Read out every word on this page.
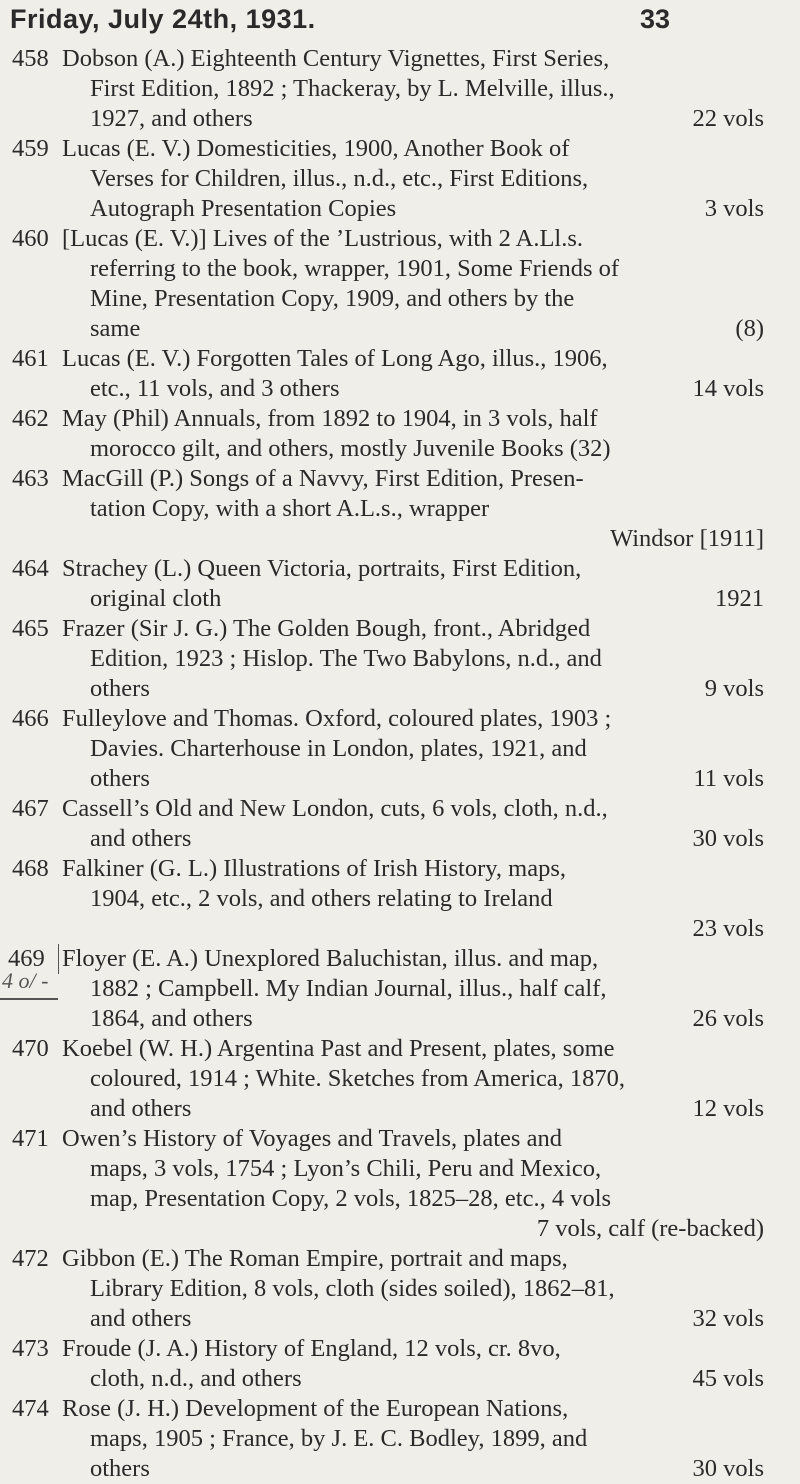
Friday, July 24th, 1931.	33
4 o/ -
458 Dobson (A.) Eighteenth Century Vignettes, First Series,
First Edition, 1892 ; Thackeray, by L. Melville, illus.,
1927, and others	22 vols
459 Lucas (E. V.) Domesticities, 1900, Another Book of
Verses for Children, illus., n.d., etc., First Editions,
Autograph Presentation Copies	3 vols
460 [Lucas (E. V.)] Lives of the ’Lustrious, with 2 A.Ll.s.
referring to the book, wrapper, 1901, Some Friends of
Mine, Presentation Copy, 1909, and others by the
same	(8)
461 Lucas (E. V.) Forgotten Tales of Long Ago, illus., 1906,
etc., 11 vols, and 3 others	14 vols
462 May (Phil) Annuals, from 1892 to 1904, in 3 vols, half
morocco gilt, and others, mostly Juvenile Books (32)
463 MacGill (P.) Songs of a Navvy, First Edition, Presen-
tation Copy, with a short A.L.s., wrapper
Windsor [1911]
464 Strachey (L.) Queen Victoria, portraits, First Edition,
original cloth	1921
465 Frazer (Sir J. G.) The Golden Bough, front., Abridged
Edition, 1923 ; Hislop. The Two Babylons, n.d., and
others	9 vols
466 Fulleylove and Thomas. Oxford, coloured plates, 1903 ;
Davies. Charterhouse in London, plates, 1921, and
others	11 vols
467 Cassell’s Old and New London, cuts, 6 vols, cloth, n.d.,
and others	30 vols
468 Falkiner (G. L.) Illustrations of Irish History, maps,
1904, etc., 2 vols, and others relating to Ireland
23 vols
469 Floyer (E. A.) Unexplored Baluchistan, illus. and map,
1882 ; Campbell. My Indian Journal, illus., half calf,
1864, and others	26 vols
470 Koebel (W. H.) Argentina Past and Present, plates, some
coloured, 1914 ; White. Sketches from America, 1870,
and others	12 vols
471 Owen’s History of Voyages and Travels, plates and
maps, 3 vols, 1754 ; Lyon’s Chili, Peru and Mexico,
map, Presentation Copy, 2 vols, 1825–28, etc., 4 vols
7 vols, calf (re-backed)
472 Gibbon (E.) The Roman Empire, portrait and maps,
Library Edition, 8 vols, cloth (sides soiled), 1862–81,
and others	32 vols
473 Froude (J. A.) History of England, 12 vols, cr. 8vo,
cloth, n.d., and others	45 vols
474 Rose (J. H.) Development of the European Nations,
maps, 1905 ; France, by J. E. C. Bodley, 1899, and
others	30 vols
